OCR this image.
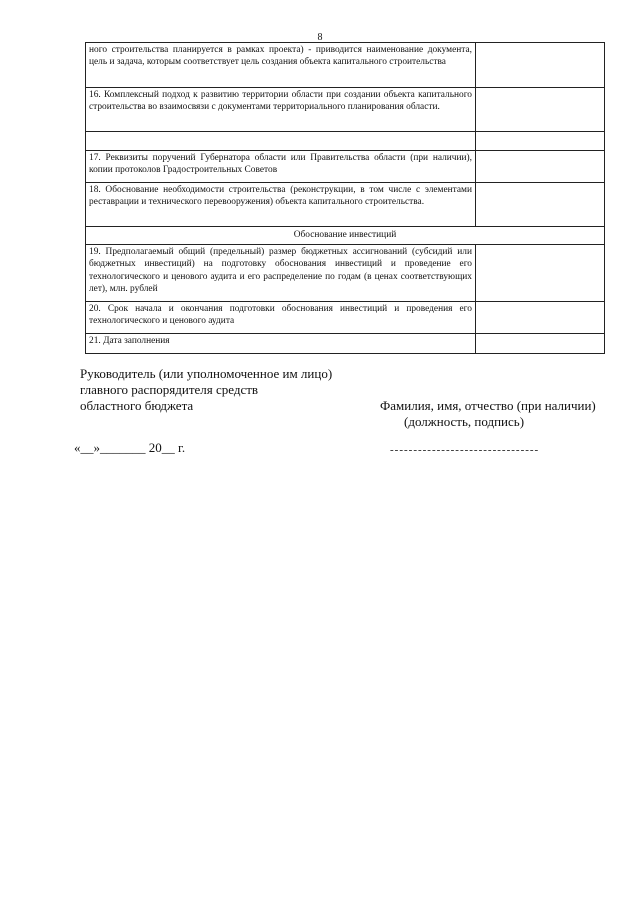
8
ного строительства планируется в рамках проекта) - приводится наименование документа, цель и задача, которым соответствует цель создания объекта капитального строительства	
16. Комплексный подход к развитию территории области при создании объекта капитального строительства во взаимосвязи с документами территориального планирования области.	

17. Реквизиты поручений Губернатора области или Правительства области (при наличии), копии протоколов Градостроительных Советов	
18. Обоснование необходимости строительства (реконструкции, в том числе с элементами реставрации и технического перевооружения) объекта капитального строительства.	
Обоснование инвестиций	
19. Предполагаемый общий (предельный) размер бюджетных ассигнований (субсидий или бюджетных инвестиций) на подготовку обоснования инвестиций и проведение его технологического и ценового аудита и его распределение по годам (в ценах соответствующих лет), млн. рублей	
20. Срок начала и окончания подготовки обоснования инвестиций и проведения его технологического и ценового аудита	
21. Дата заполнения	
Руководитель (или уполномоченное им лицо)
главного распорядителя средств
областного бюджета	Фамилия, имя, отчество (при наличии)
(должность, подпись)
«__»_______ 20__ г.	--------------------------------
